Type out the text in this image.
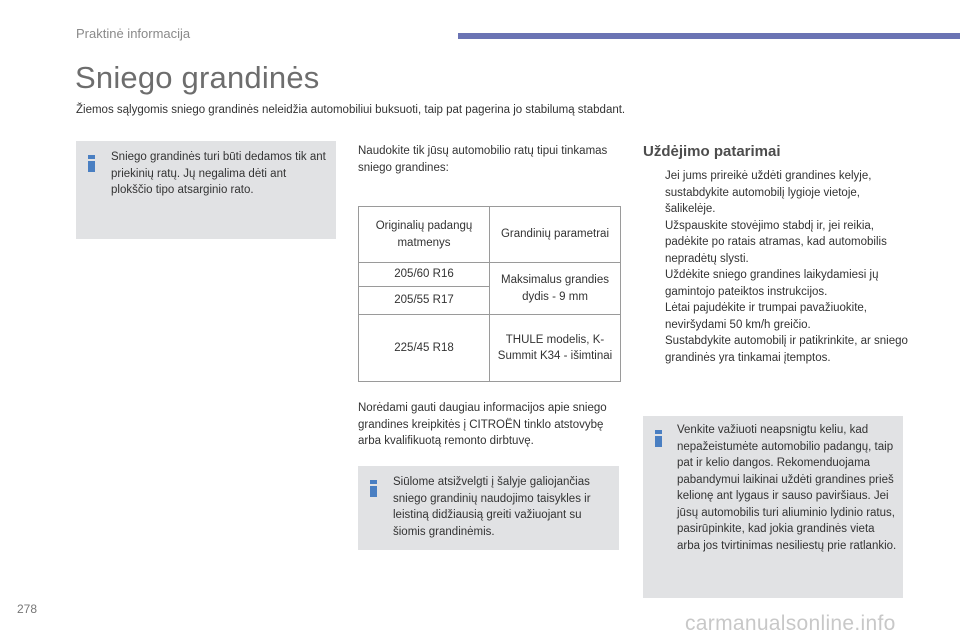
Praktinė informacija
Sniego grandinės
Žiemos sąlygomis sniego grandinės neleidžia automobiliui buksuoti, taip pat pagerina jo stabilumą stabdant.
Sniego grandinės turi būti dedamos tik ant priekinių ratų. Jų negalima dėti ant plokščio tipo atsarginio rato.
Naudokite tik jūsų automobilio ratų tipui tinkamas sniego grandines:
Originalių padangų matmenys	Grandinių parametrai
205/60 R16	Maksimalus grandies dydis - 9 mm
205/55 R17	
225/45 R18	THULE modelis, K-Summit K34 - išimtinai
Norėdami gauti daugiau informacijos apie sniego grandines kreipkitės į CITROËN tinklo atstovybę arba kvalifikuotą remonto dirbtuvę.
Siūlome atsižvelgti į šalyje galiojančias sniego grandinių naudojimo taisykles ir leistiną didžiausią greiti važiuojant su šiomis grandinėmis.
Uždėjimo patarimai
Jei jums prireikė uždėti grandines kelyje, sustabdykite automobilį lygioje vietoje, šalikelėje.
Užspauskite stovėjimo stabdį ir, jei reikia, padėkite po ratais atramas, kad automobilis nepradėtų slysti.
Uždėkite sniego grandines laikydamiesi jų gamintojo pateiktos instrukcijos.
Lėtai pajudėkite ir trumpai pavažiuokite, neviršydami 50 km/h greičio.
Sustabdykite automobilį ir patikrinkite, ar sniego grandinės yra tinkamai įtemptos.
Venkite važiuoti neapsnigtu keliu, kad nepažeistumėte automobilio padangų, taip pat ir kelio dangos. Rekomenduojama pabandymui laikinai uždėti grandines prieš kelionę ant lygaus ir sauso paviršiaus. Jei jūsų automobilis turi aliuminio lydinio ratus, pasirūpinkite, kad jokia grandinės vieta arba jos tvirtinimas nesiliestų prie ratlankio.
278
carmanualsonline.info
